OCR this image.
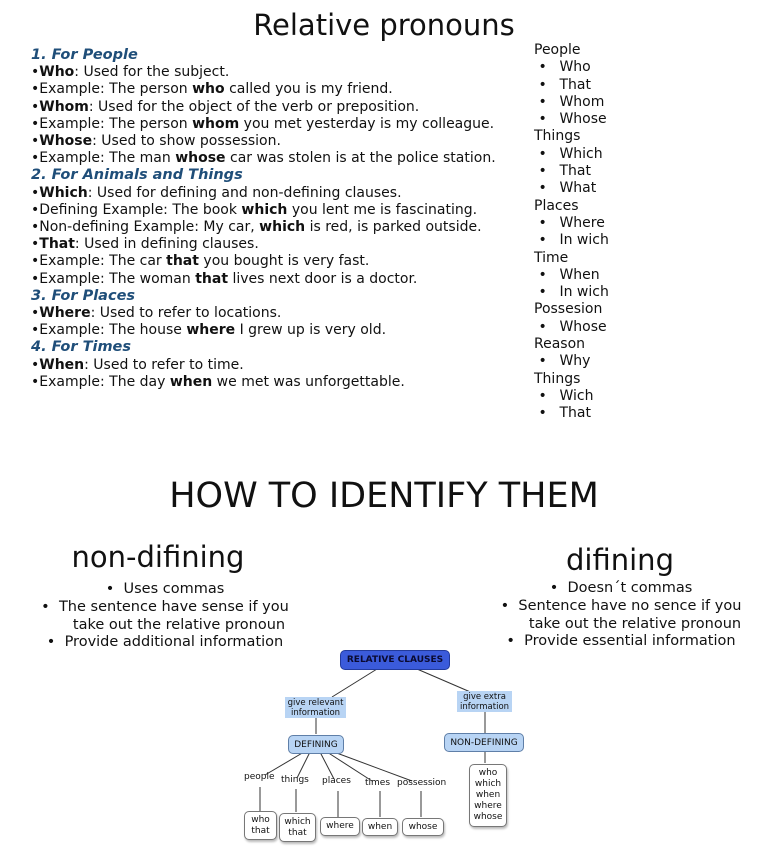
Relative pronouns
1. For People
•Who: Used for the subject.
•Example: The person who called you is my friend.
•Whom: Used for the object of the verb or preposition.
•Example: The person whom you met yesterday is my colleague.
•Whose: Used to show possession.
•Example: The man whose car was stolen is at the police station.
2. For Animals and Things
•Which: Used for defining and non-defining clauses.
•Defining Example: The book which you lent me is fascinating.
•Non-defining Example: My car, which is red, is parked outside.
•That: Used in defining clauses.
•Example: The car that you bought is very fast.
•Example: The woman that lives next door is a doctor.
3. For Places
•Where: Used to refer to locations.
•Example: The house where I grew up is very old.
4. For Times
•When: Used to refer to time.
•Example: The day when we met was unforgettable.
People
• Who
• That
• Whom
• Whose
Things
• Which
• That
• What
Places
• Where
• In wich
Time
• When
• In wich
Possesion
• Whose
Reason
• Why
Things
• Wich
• That
HOW TO IDENTIFY THEM
non-difining	difining
• Uses commas
• The sentence have sense if you
take out the relative pronoun
• Provide additional information
• Doesn´t commas
• Sentence have no sence if you
take out the relative pronoun
• Provide essential information
RELATIVE CLAUSES
give relevant
information
give extra
information
DEFINING	NON-DEFINING
people things places times possession
who
that
which
that
where when whose
who
which
when
where
whose
